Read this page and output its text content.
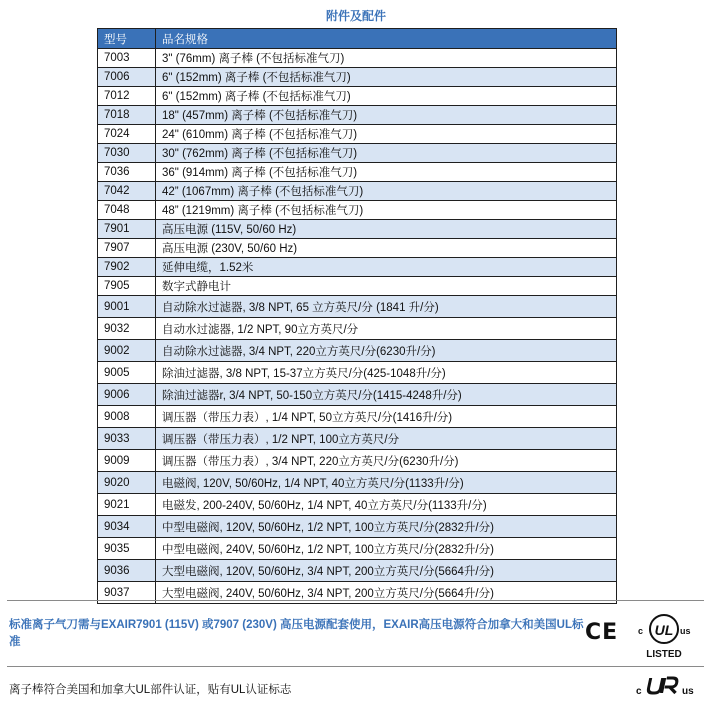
附件及配件
型号	品名规格
7003	3" (76mm) 离子棒 (不包括标准气刀)
7006	6" (152mm) 离子棒 (不包括标准气刀)
7012	6" (152mm) 离子棒 (不包括标准气刀)
7018	18" (457mm) 离子棒 (不包括标准气刀)
7024	24" (610mm) 离子棒 (不包括标准气刀)
7030	30" (762mm) 离子棒 (不包括标准气刀)
7036	36" (914mm) 离子棒 (不包括标准气刀)
7042	42” (1067mm) 离子棒 (不包括标准气刀)
7048	48” (1219mm) 离子棒 (不包括标准气刀)
7901	高压电源 (115V, 50/60 Hz)
7907	高压电源 (230V, 50/60 Hz)
7902	延伸电缆，1.52米
7905	数字式静电计
9001	自动除水过滤器, 3/8 NPT, 65 立方英尺/分 (1841 升/分)
9032	自动水过滤器, 1/2 NPT, 90立方英尺/分
9002	自动除水过滤器, 3/4 NPT, 220立方英尺/分(6230升/分)
9005	除油过滤器, 3/8 NPT, 15-37立方英尺/分(425-1048升/分)
9006	除油过滤器r, 3/4 NPT, 50-150立方英尺/分(1415-4248升/分)
9008	调压器（带压力表）, 1/4 NPT, 50立方英尺/分(1416升/分)
9033	调压器（带压力表）, 1/2 NPT, 100立方英尺/分
9009	调压器（带压力表）, 3/4 NPT, 220立方英尺/分(6230升/分)
9020	电磁阀, 120V, 50/60Hz, 1/4 NPT, 40立方英尺/分(1133升/分)
9021	电磁发, 200-240V, 50/60Hz, 1/4 NPT, 40立方英尺/分(1133升/分)
9034	中型电磁阀, 120V, 50/60Hz, 1/2 NPT, 100立方英尺/分(2832升/分)
9035	中型电磁阀, 240V, 50/60Hz, 1/2 NPT, 100立方英尺/分(2832升/分)
9036	大型电磁阀, 120V, 50/60Hz, 3/4 NPT, 200立方英尺/分(5664升/分)
9037	大型电磁阀, 240V, 50/60Hz, 3/4 NPT, 200立方英尺/分(5664升/分)
标准离子气刀需与EXAIR7901 (115V) 或7907 (230V) 高压电源配套使用，EXAIR高压电源符合加拿大和美国UL标准	CE c UL us
LISTED
离子棒符合美国和加拿大UL部件认证，贴有UL认证标志	c	us
